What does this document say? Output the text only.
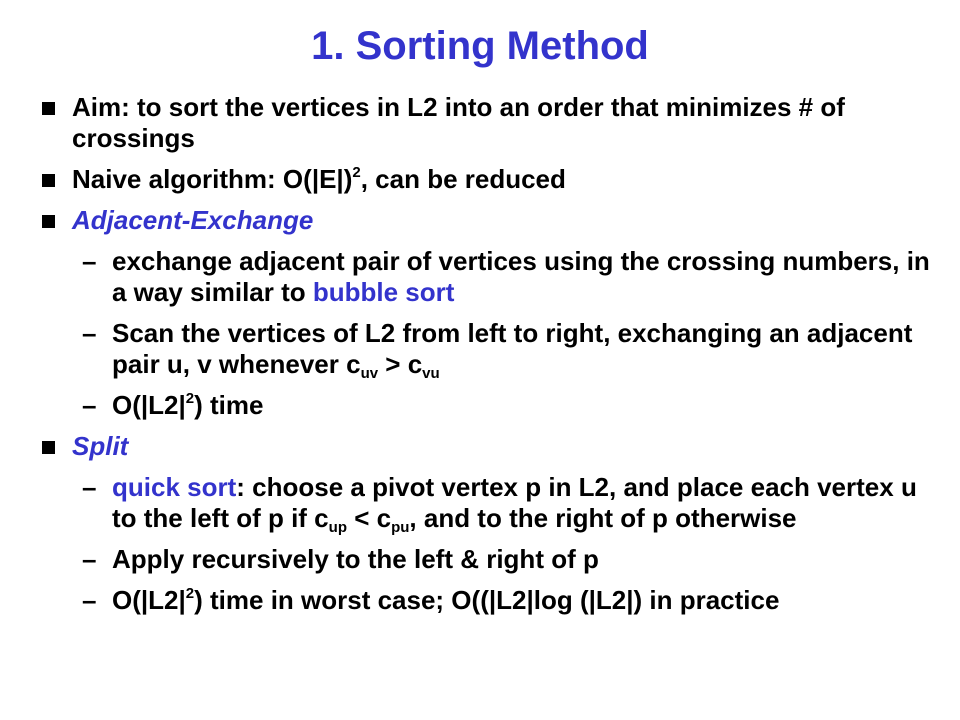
1. Sorting Method
Aim: to sort the vertices in L2 into an order that minimizes # of crossings
Naive algorithm: $O(|E|)^2$, can be reduced
Adjacent-Exchange
– exchange adjacent pair of vertices using the crossing numbers, in a way similar to bubble sort
– Scan the vertices of L2 from left to right, exchanging an adjacent pair u, v whenever $c_{uv} > c_{vu}$
– $O(|L2|^2)$ time
Split
– quick sort: choose a pivot vertex p in L2, and place each vertex u to the left of p if $c_{up} < c_{pu}$, and to the right of p otherwise
– Apply recursively to the left & right of p
– $O(|L2|^2)$ time in worst case; O((|L2|log (|L2|) in practice
